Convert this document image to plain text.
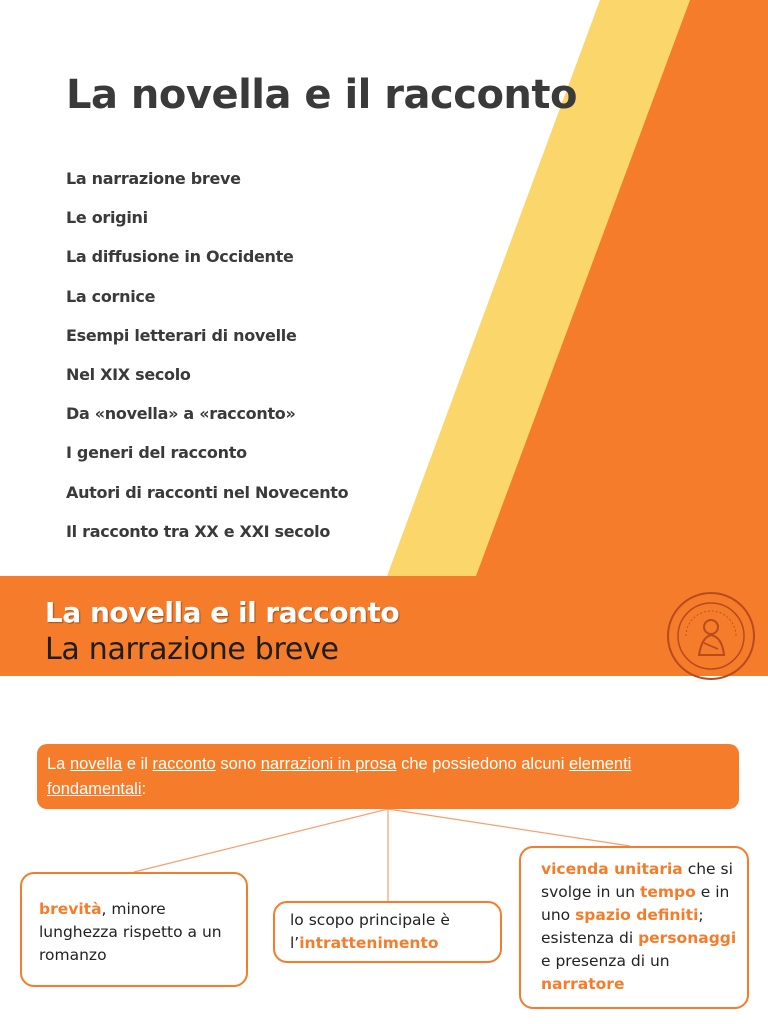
La novella e il racconto
La narrazione breve
Le origini
La diffusione in Occidente
La cornice
Esempi letterari di novelle
Nel XIX secolo
Da «novella» a «racconto»
I generi del racconto
Autori di racconti nel Novecento
Il racconto tra XX e XXI secolo
La novella e il racconto
La narrazione breve
La novella e il racconto sono narrazioni in prosa che possiedono alcuni elementi fondamentali:
brevità, minore lunghezza rispetto a un romanzo
lo scopo principale è l’intrattenimento
vicenda unitaria che si svolge in un tempo e in uno spazio definiti; esistenza di personaggi e presenza di un narratore
